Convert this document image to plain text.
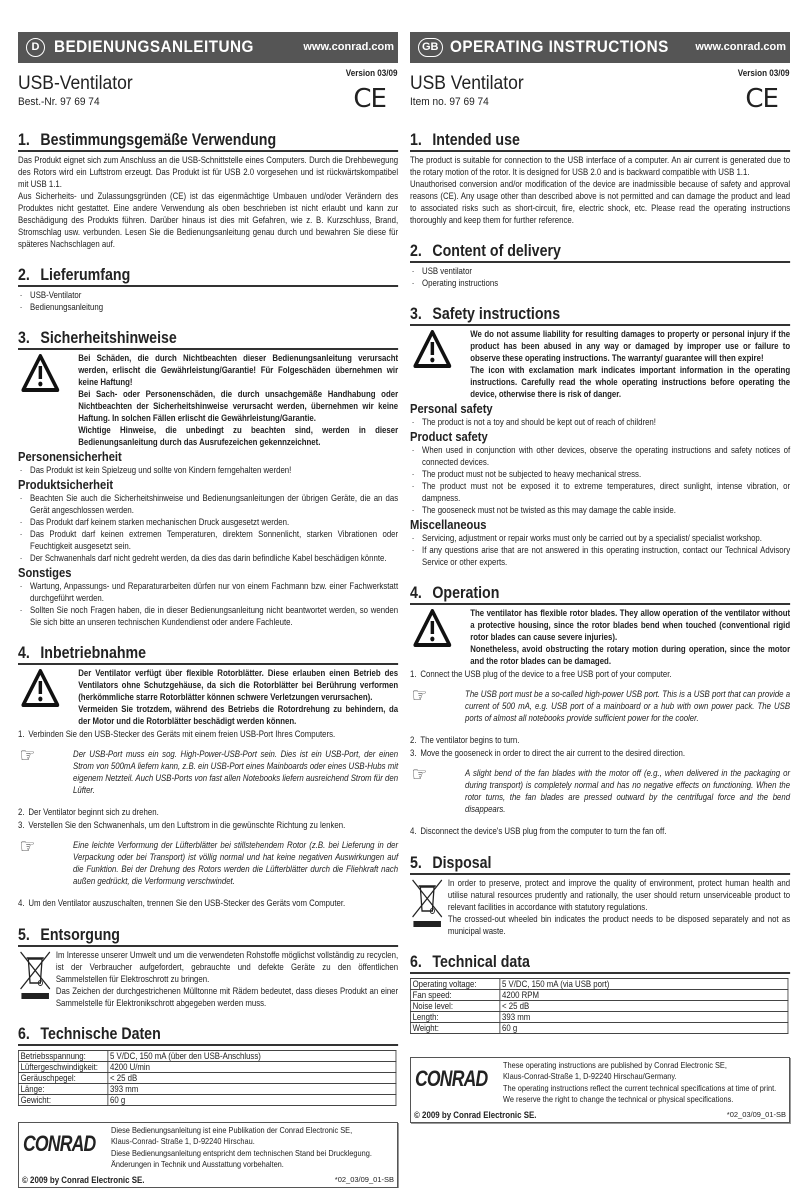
D BEDIENUNGSANLEITUNG	www.conrad.com
USB-Ventilator
Best.-Nr. 97 69 74
Version 03/09
CE
1. Bestimmungsgemäße Verwendung
Das Produkt eignet sich zum Anschluss an die USB-Schnittstelle eines Computers. Durch die Drehbewegung des Rotors wird ein Luftstrom erzeugt. Das Produkt ist für USB 2.0 vorgesehen und ist rückwärtskompatibel mit USB 1.1.
Aus Sicherheits- und Zulassungsgründen (CE) ist das eigenmächtige Umbauen und/oder Verändern des Produktes nicht gestattet. Eine andere Verwendung als oben beschrieben ist nicht erlaubt und kann zur Beschädigung des Produkts führen. Darüber hinaus ist dies mit Gefahren, wie z. B. Kurzschluss, Brand, Stromschlag usw. verbunden. Lesen Sie die Bedienungsanleitung genau durch und bewahren Sie diese für späteres Nachschlagen auf.
2. Lieferumfang
· USB-Ventilator
· Bedienungsanleitung
3. Sicherheitshinweise
Bei Schäden, die durch Nichtbeachten dieser Bedienungsanleitung verursacht werden, erlischt die Gewährleistung/Garantie! Für Folgeschäden übernehmen wir keine Haftung!
Bei Sach- oder Personenschäden, die durch unsachgemäße Handhabung oder Nichtbeachten der Sicherheitshinweise verursacht werden, übernehmen wir keine Haftung. In solchen Fällen erlischt die Gewährleistung/Garantie.
Wichtige Hinweise, die unbedingt zu beachten sind, werden in dieser Bedienungsanleitung durch das Ausrufezeichen gekennzeichnet.
Personensicherheit
· Das Produkt ist kein Spielzeug und sollte von Kindern ferngehalten werden!
Produktsicherheit
· Beachten Sie auch die Sicherheitshinweise und Bedienungsanleitungen der übrigen Geräte, die an das Gerät angeschlossen werden.
· Das Produkt darf keinem starken mechanischen Druck ausgesetzt werden.
· Das Produkt darf keinen extremen Temperaturen, direktem Sonnenlicht, starken Vibrationen oder Feuchtigkeit ausgesetzt sein.
· Der Schwanenhals darf nicht gedreht werden, da dies das darin befindliche Kabel beschädigen könnte.
Sonstiges
· Wartung, Anpassungs- und Reparaturarbeiten dürfen nur von einem Fachmann bzw. einer Fachwerkstatt durchgeführt werden.
· Sollten Sie noch Fragen haben, die in dieser Bedienungsanleitung nicht beantwortet werden, so wenden Sie sich bitte an unseren technischen Kundendienst oder andere Fachleute.
4. Inbetriebnahme
Der Ventilator verfügt über flexible Rotorblätter. Diese erlauben einen Betrieb des Ventilators ohne Schutzgehäuse, da sich die Rotorblätter bei Berührung verformen (herkömmliche starre Rotorblätter können schwere Verletzungen verursachen).
Vermeiden Sie trotzdem, während des Betriebs die Rotordrehung zu behindern, da der Motor und die Rotorblätter beschädigt werden können.
1. Verbinden Sie den USB-Stecker des Geräts mit einem freien USB-Port Ihres Computers.
☞	Der USB-Port muss ein sog. High-Power-USB-Port sein. Dies ist ein USB-Port, der einen Strom von 500mA liefern kann, z.B. ein USB-Port eines Mainboards oder eines USB-Hubs mit eigenem Netzteil. Auch USB-Ports von fast allen Notebooks liefern ausreichend Strom für den Lüfter.
2. Der Ventilator beginnt sich zu drehen.
3. Verstellen Sie den Schwanenhals, um den Luftstrom in die gewünschte Richtung zu lenken.
☞	Eine leichte Verformung der Lüfterblätter bei stillstehendem Rotor (z.B. bei Lieferung in der Verpackung oder bei Transport) ist völlig normal und hat keine negativen Auswirkungen auf die Funktion. Bei der Drehung des Rotors werden die Lüfterblätter durch die Fliehkraft nach außen gedrückt, die Verformung verschwindet.
4. Um den Ventilator auszuschalten, trennen Sie den USB-Stecker des Geräts vom Computer.
5. Entsorgung
Im Interesse unserer Umwelt und um die verwendeten Rohstoffe möglichst vollständig zu recyclen, ist der Verbraucher aufgefordert, gebrauchte und defekte Geräte zu den öffentlichen Sammelstellen für Elektroschrott zu bringen.
Das Zeichen der durchgestrichenen Mülltonne mit Rädern bedeutet, dass dieses Produkt an einer Sammelstelle für Elektronikschrott abgegeben werden muss.
6. Technische Daten
Betriebsspannung:	5 V/DC, 150 mA (über den USB-Anschluss)
Lüftergeschwindigkeit:	4200 U/min
Geräuschpegel:	< 25 dB
Länge:	393 mm
Gewicht:	60 g
CONRAD
Diese Bedienungsanleitung ist eine Publikation der Conrad Electronic SE,
Klaus-Conrad- Straße 1, D-92240 Hirschau.
Diese Bedienungsanleitung entspricht dem technischen Stand bei Drucklegung.
Änderungen in Technik und Ausstattung vorbehalten.
© 2009 by Conrad Electronic SE.	*02_03/09_01-SB
GB OPERATING INSTRUCTIONS www.conrad.com
USB Ventilator
Item no. 97 69 74
Version 03/09
CE
1. Intended use
The product is suitable for connection to the USB interface of a computer. An air current is generated due to the rotary motion of the rotor. It is designed for USB 2.0 and is backward compatible with USB 1.1.
Unauthorised conversion and/or modification of the device are inadmissible because of safety and approval reasons (CE). Any usage other than described above is not permitted and can damage the product and lead to associated risks such as short-circuit, fire, electric shock, etc. Please read the operating instructions thoroughly and keep them for further reference.
2. Content of delivery
· USB ventilator
· Operating instructions
3. Safety instructions
We do not assume liability for resulting damages to property or personal injury if the product has been abused in any way or damaged by improper use or failure to observe these operating instructions. The warranty/ guarantee will then expire!
The icon with exclamation mark indicates important information in the operating instructions. Carefully read the whole operating instructions before operating the device, otherwise there is risk of danger.
Personal safety
· The product is not a toy and should be kept out of reach of children!
Product safety
· When used in conjunction with other devices, observe the operating instructions and safety notices of connected devices.
· The product must not be subjected to heavy mechanical stress.
· The product must not be exposed it to extreme temperatures, direct sunlight, intense vibration, or dampness.
· The gooseneck must not be twisted as this may damage the cable inside.
Miscellaneous
· Servicing, adjustment or repair works must only be carried out by a specialist/ specialist workshop.
· If any questions arise that are not answered in this operating instruction, contact our Technical Advisory Service or other experts.
4. Operation
The ventilator has flexible rotor blades. They allow operation of the ventilator without a protective housing, since the rotor blades bend when touched (conventional rigid rotor blades can cause severe injuries).
Nonetheless, avoid obstructing the rotary motion during operation, since the motor and the rotor blades can be damaged.
1. Connect the USB plug of the device to a free USB port of your computer.
☞	The USB port must be a so-called high-power USB port. This is a USB port that can provide a current of 500 mA, e.g. USB port of a mainboard or a hub with own power pack. The USB ports of almost all notebooks provide sufficient power for the cooler.
2. The ventilator begins to turn.
3. Move the gooseneck in order to direct the air current to the desired direction.
☞	A slight bend of the fan blades with the motor off (e.g., when delivered in the packaging or during transport) is completely normal and has no negative effects on functioning. When the rotor turns, the fan blades are pressed outward by the centrifugal force and the bend disappears.
4. Disconnect the device's USB plug from the computer to turn the fan off.
5. Disposal
In order to preserve, protect and improve the quality of environment, protect human health and utilise natural resources prudently and rationally, the user should return unserviceable product to relevant facilities in accordance with statutory regulations.
The crossed-out wheeled bin indicates the product needs to be disposed separately and not as municipal waste.
6. Technical data
Operating voltage:	5 V/DC, 150 mA (via USB port)
Fan speed:	4200 RPM
Noise level:	< 25 dB
Length:	393 mm
Weight:	60 g
CONRAD
These operating instructions are published by Conrad Electronic SE,
Klaus-Conrad-Straße 1, D-92240 Hirschau/Germany.
The operating instructions reflect the current technical specifications at time of print.
We reserve the right to change the technical or physical specifications.
© 2009 by Conrad Electronic SE.	*02_03/09_01-SB
